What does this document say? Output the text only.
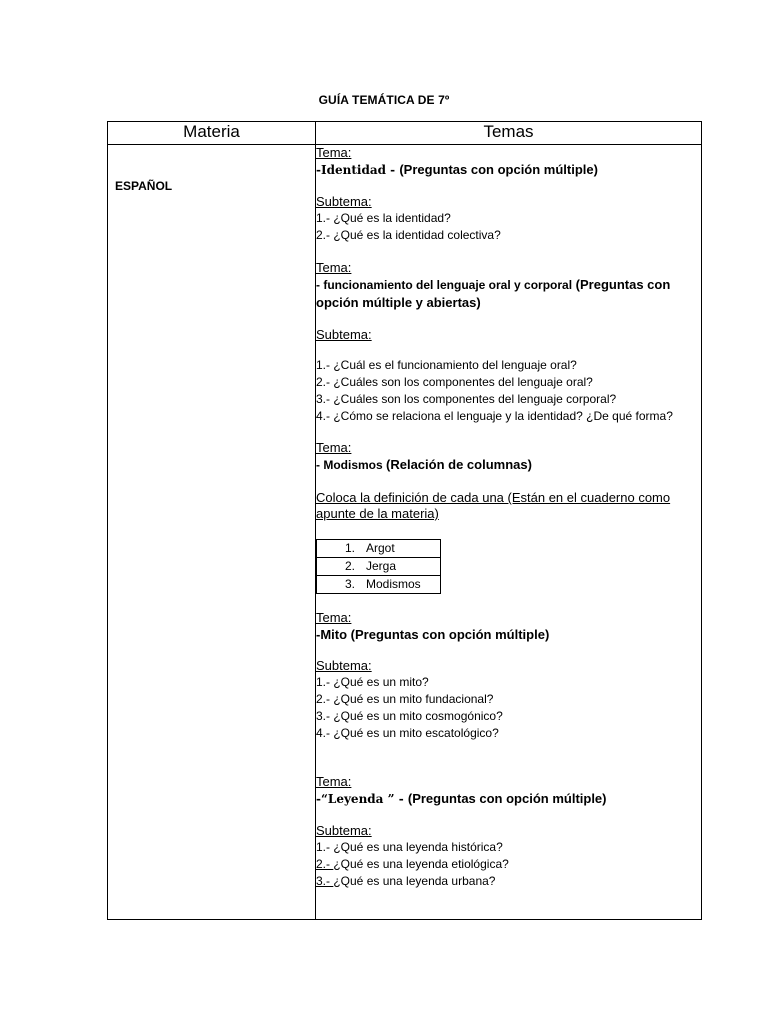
GUÍA TEMÁTICA DE 7º
Materia	Temas

ESPAÑOL

Tema:
-Identidad - (Preguntas con opción múltiple)
Subtema:
1.- ¿Qué es la identidad?
2.- ¿Qué es la identidad colectiva?
Tema:
- funcionamiento del lenguaje oral y corporal (Preguntas con opción múltiple y abiertas)
Subtema:
1.- ¿Cuál es el funcionamiento del lenguaje oral?
2.- ¿Cuáles son los componentes del lenguaje oral?
3.- ¿Cuáles son los componentes del lenguaje corporal?
4.- ¿Cómo se relaciona el lenguaje y la identidad? ¿De qué forma?
Tema:
- Modismos (Relación de columnas)
Coloca la definición de cada una (Están en el cuaderno como apunte de la materia)
1. Argot
2. Jerga
3. Modismos
Tema:
-Mito (Preguntas con opción múltiple)
Subtema:
1.- ¿Qué es un mito?
2.- ¿Qué es un mito fundacional?
3.- ¿Qué es un mito cosmogónico?
4.- ¿Qué es un mito escatológico?
Tema:
-“Leyenda ” - (Preguntas con opción múltiple)
Subtema:
1.- ¿Qué es una leyenda histórica?
2.- ¿Qué es una leyenda etiológica?
3.- ¿Qué es una leyenda urbana?
